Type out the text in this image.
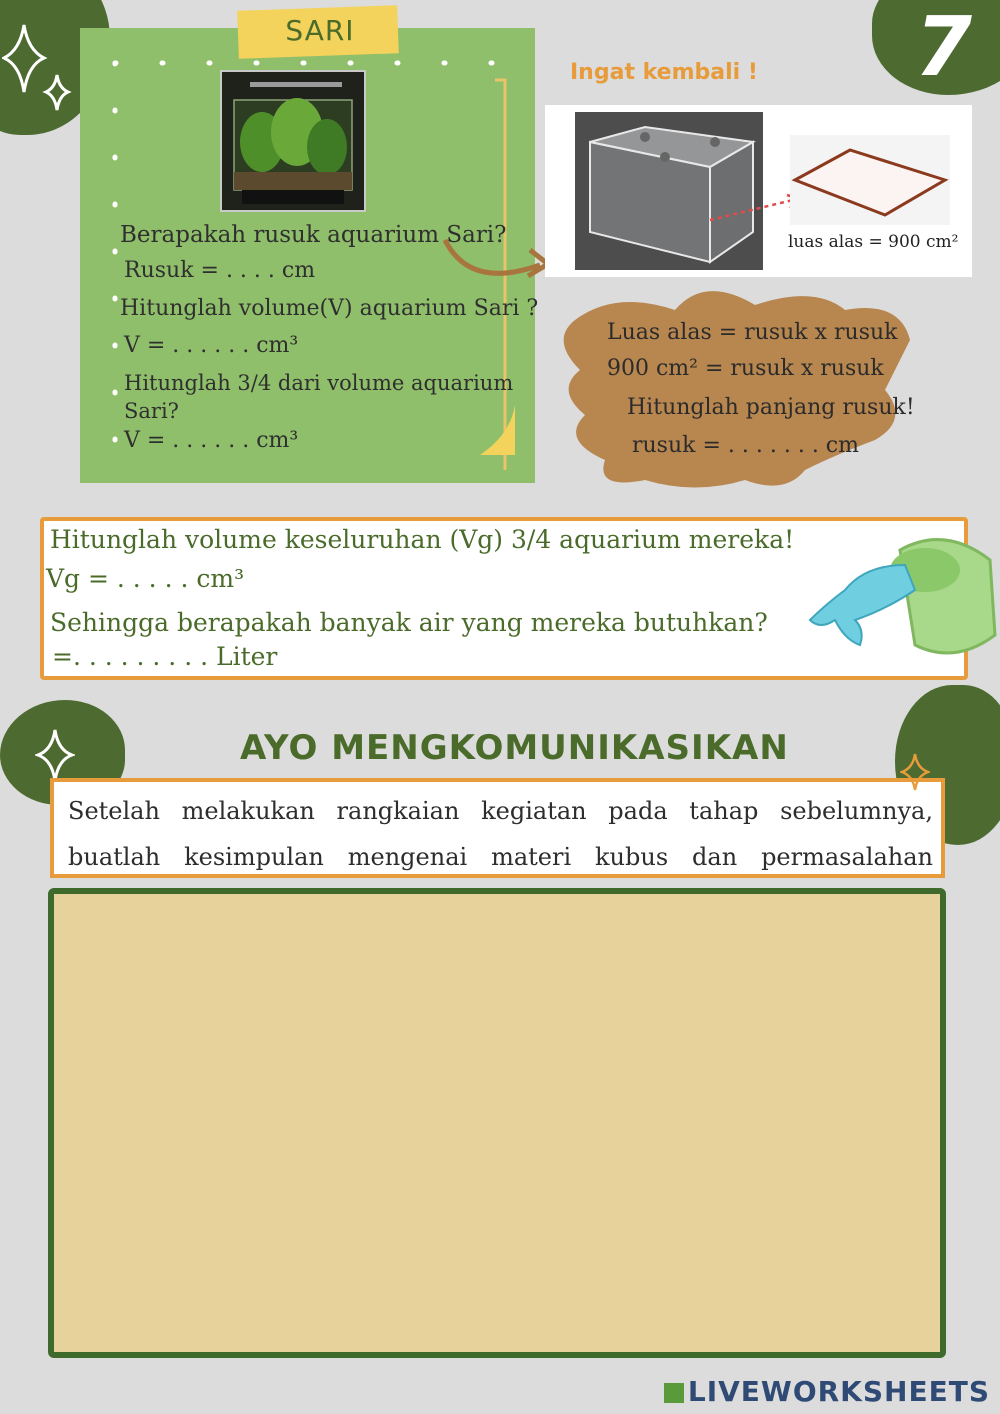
7
SARI
Berapakah rusuk aquarium Sari?
Rusuk = . . . . cm
Hitunglah volume(V) aquarium Sari ?
V = . . . . . . cm³
Hitunglah 3/4 dari volume aquarium
Sari?
V = . . . . . . cm³
Ingat kembali !
luas alas = 900 cm²
Luas alas = rusuk x rusuk
900 cm² = rusuk x rusuk
Hitunglah panjang rusuk!
rusuk = . . . . . . . cm
Hitunglah volume keseluruhan (Vg) 3/4 aquarium mereka!
Vg = . . . . . cm³
Sehingga berapakah banyak air yang mereka butuhkan?
=. . . . . . . . . Liter
AYO MENGKOMUNIKASIKAN
Setelah melakukan rangkaian kegiatan pada tahap sebelumnya, buatlah kesimpulan mengenai materi kubus dan permasalahan
LIVEWORKSHEETS
